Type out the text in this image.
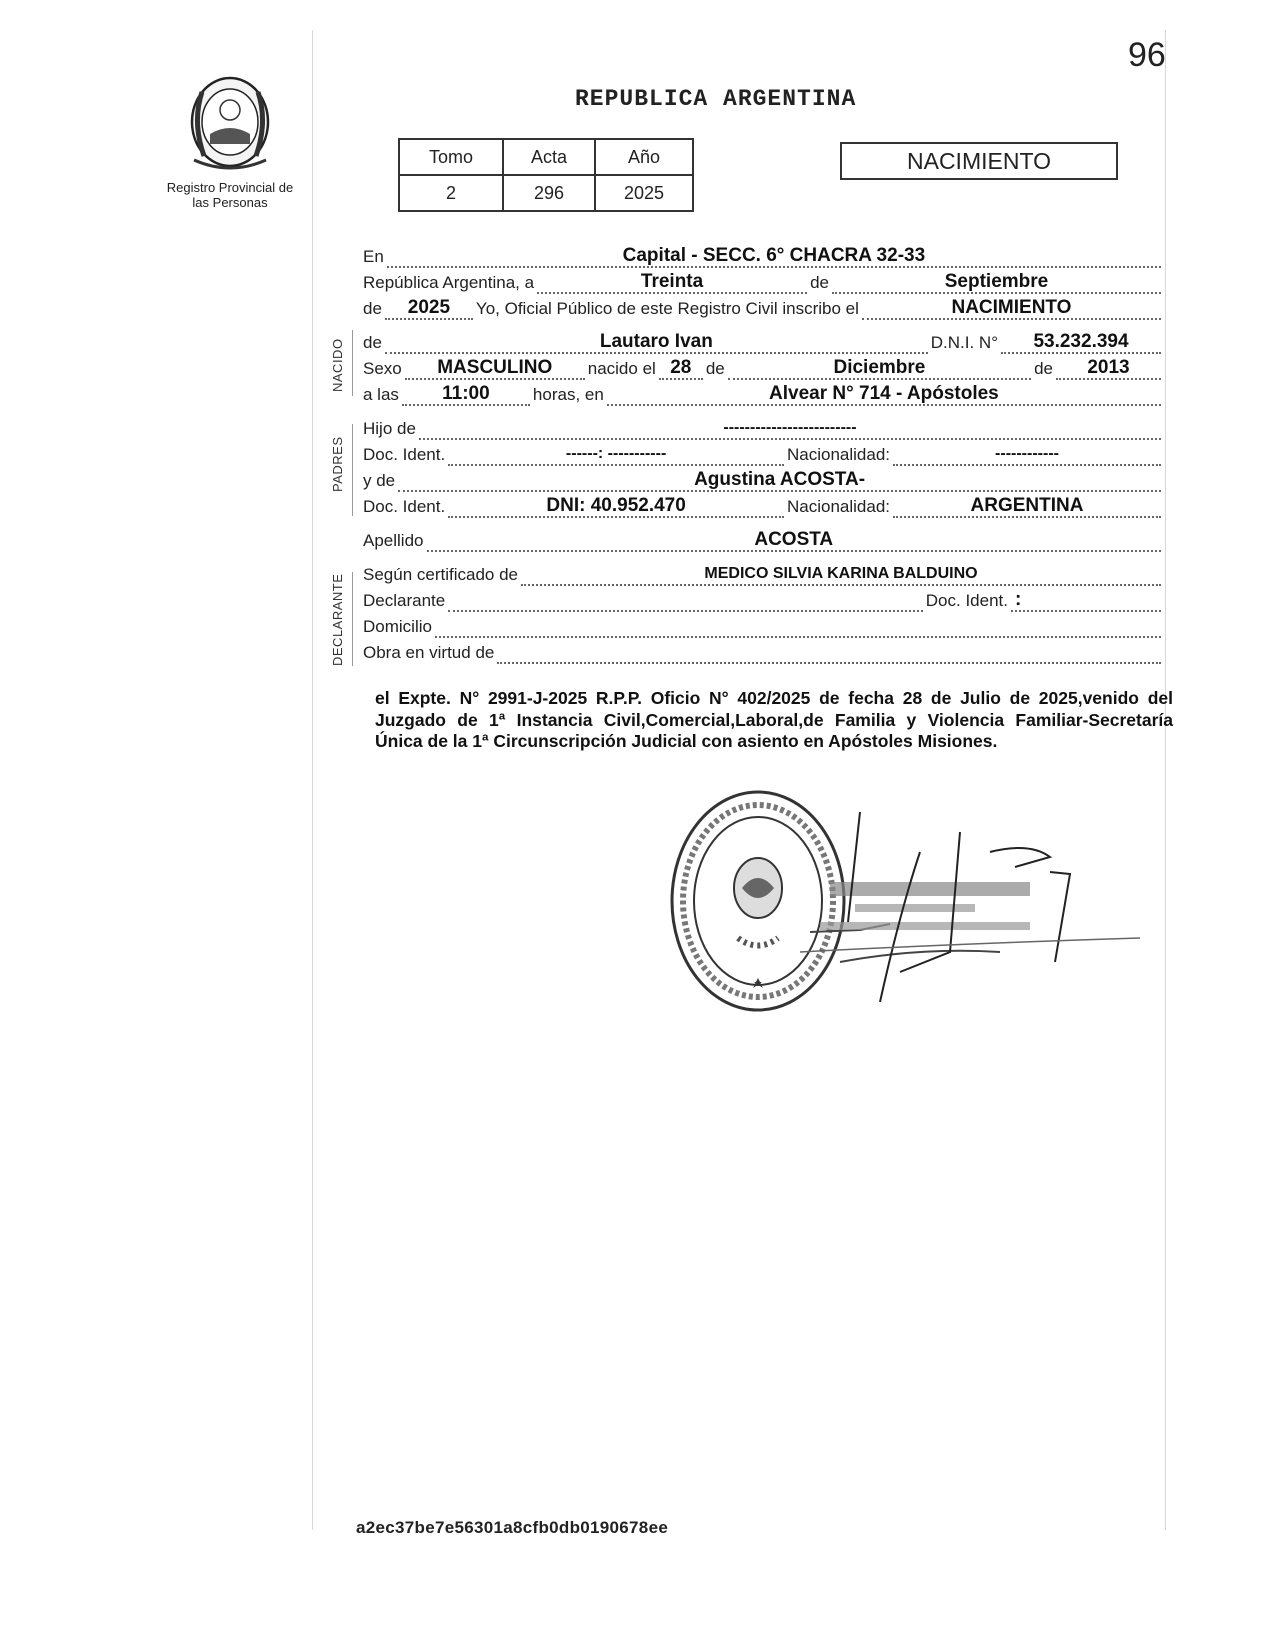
96
Registro Provincial de las Personas
REPUBLICA ARGENTINA
Tomo	Acta	Año
2	296	2025
NACIMIENTO
NACIDO
PADRES
DECLARANTE
En	Capital - SECC. 6° CHACRA 32-33
República Argentina, a	Treinta	de	Septiembre
de	2025	Yo, Oficial Público de este Registro Civil inscribo el	NACIMIENTO
de	Lautaro Ivan	D.N.I. N°	53.232.394
Sexo	MASCULINO	nacido el 28 de	Diciembre	de	2013
a las	11:00	horas, en	Alvear N° 714 - Apóstoles
Hijo de	-------------------------
Doc. Ident.	------: -----------	Nacionalidad:	------------
y de	Agustina ACOSTA-
Doc. Ident.	DNI: 40.952.470	Nacionalidad:	ARGENTINA
Apellido	ACOSTA
Según certificado de	MEDICO SILVIA KARINA BALDUINO
Declarante	Doc. Ident. :
Domicilio
Obra en virtud de
el Expte. N° 2991-J-2025 R.P.P. Oficio N° 402/2025 de fecha 28 de Julio de 2025,venido del Juzgado de 1ª Instancia Civil,Comercial,Laboral,de Familia y Violencia Familiar-Secretaría Única de la 1ª Circunscripción Judicial con asiento en Apóstoles Misiones.
a2ec37be7e56301a8cfb0db0190678ee
